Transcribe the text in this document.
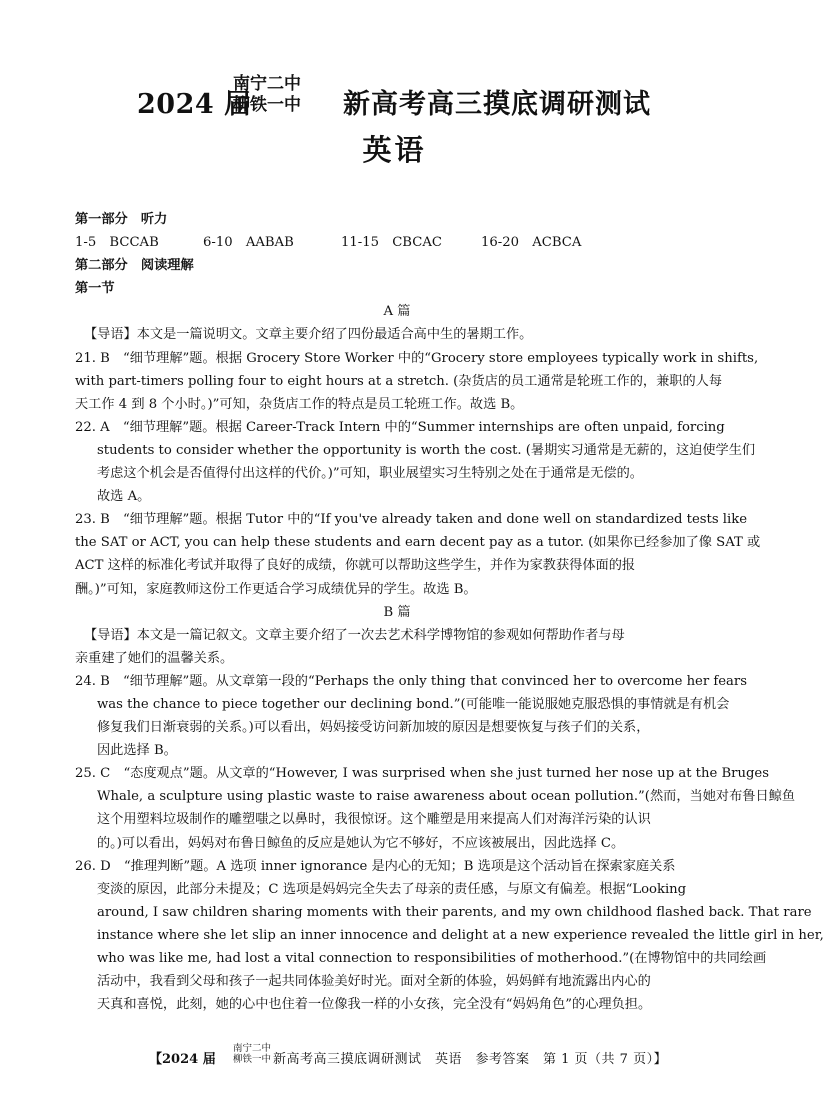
2024 届
南宁二中
柳铁一中 新高考高三摸底调研测试
英语
第一部分　听力
1-5　BCCAB	6-10　AABAB	11-15　CBCAC	16-20　ACBCA
第二部分　阅读理解
第一节
A 篇
【导语】本文是一篇说明文。文章主要介绍了四份最适合高中生的暑期工作。
21. B　“细节理解”题。根据 Grocery Store Worker 中的“Grocery store employees typically work in shifts,
with part-timers polling four to eight hours at a stretch. (杂货店的员工通常是轮班工作的，兼职的人每
天工作 4 到 8 个小时。)”可知，杂货店工作的特点是员工轮班工作。故选 B。
22. A　“细节理解”题。根据 Career-Track Intern 中的“Summer internships are often unpaid, forcing
students to consider whether the opportunity is worth the cost. (暑期实习通常是无薪的，这迫使学生们
考虑这个机会是否值得付出这样的代价。)”可知，职业展望实习生特别之处在于通常是无偿的。
故选 A。
23. B　“细节理解”题。根据 Tutor 中的“If you've already taken and done well on standardized tests like
the SAT or ACT, you can help these students and earn decent pay as a tutor. (如果你已经参加了像 SAT 或
ACT 这样的标准化考试并取得了良好的成绩，你就可以帮助这些学生，并作为家教获得体面的报
酬。)”可知，家庭教师这份工作更适合学习成绩优异的学生。故选 B。
B 篇
【导语】本文是一篇记叙文。文章主要介绍了一次去艺术科学博物馆的参观如何帮助作者与母
亲重建了她们的温馨关系。
24. B　“细节理解”题。从文章第一段的“Perhaps the only thing that convinced her to overcome her fears
was the chance to piece together our declining bond.”(可能唯一能说服她克服恐惧的事情就是有机会
修复我们日渐衰弱的关系。)可以看出，妈妈接受访问新加坡的原因是想要恢复与孩子们的关系，
因此选择 B。
25. C　“态度观点”题。从文章的“However, I was surprised when she just turned her nose up at the Bruges
Whale, a sculpture using plastic waste to raise awareness about ocean pollution.”(然而，当她对布鲁日鲸鱼
这个用塑料垃圾制作的雕塑嗤之以鼻时，我很惊讶。这个雕塑是用来提高人们对海洋污染的认识
的。)可以看出，妈妈对布鲁日鲸鱼的反应是她认为它不够好，不应该被展出，因此选择 C。
26. D　“推理判断”题。A 选项 inner ignorance 是内心的无知；B 选项是这个活动旨在探索家庭关系
变淡的原因，此部分未提及；C 选项是妈妈完全失去了母亲的责任感，与原文有偏差。根据“Looking
around, I saw children sharing moments with their parents, and my own childhood flashed back. That rare
instance where she let slip an inner innocence and delight at a new experience revealed the little girl in her,
who was like me, had lost a vital connection to responsibilities of motherhood.”(在博物馆中的共同绘画
活动中，我看到父母和孩子一起共同体验美好时光。面对全新的体验，妈妈鲜有地流露出内心的
天真和喜悦，此刻，她的心中也住着一位像我一样的小女孩，完全没有“妈妈角色”的心理负担。
【2024 届
南宁二中
柳铁一中 新高考高三摸底调研测试　英语　参考答案　第 1 页（共 7 页）】
